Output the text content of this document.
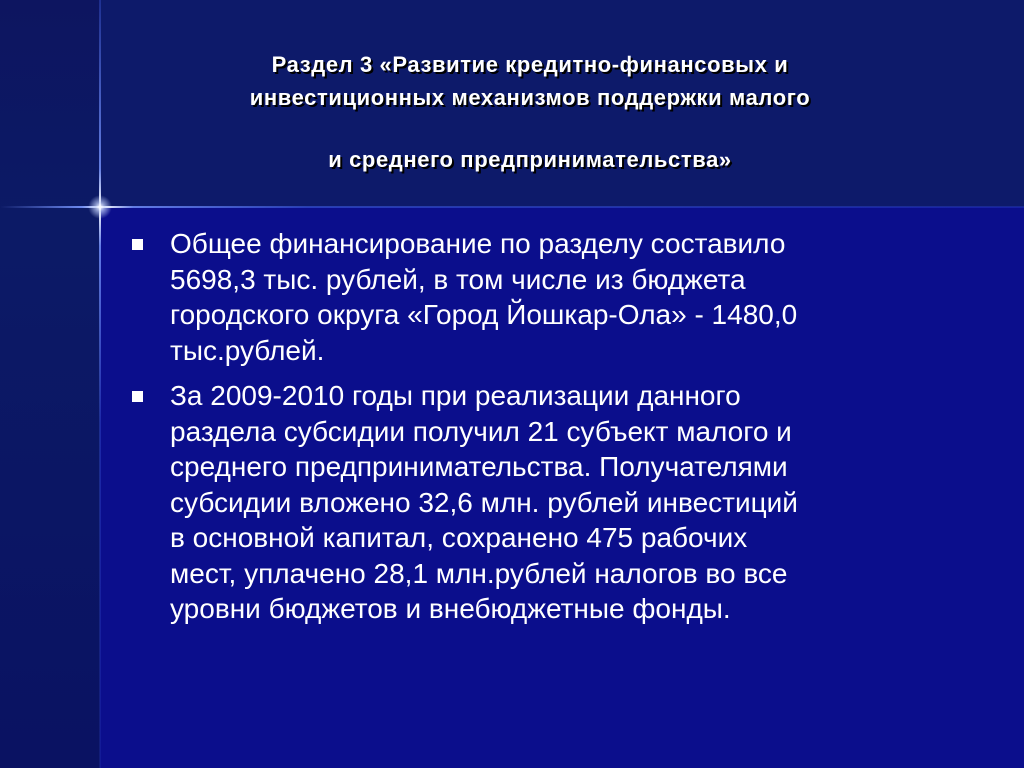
Раздел 3 «Развитие кредитно-финансовых и
инвестиционных механизмов поддержки малого
и среднего предпринимательства»
Общее финансирование по разделу составило
5698,3 тыс. рублей, в том числе из бюджета
городского округа «Город Йошкар-Ола» - 1480,0
тыс.рублей.
За 2009-2010 годы при реализации данного
раздела субсидии получил 21 субъект малого и
среднего предпринимательства. Получателями
субсидии вложено 32,6 млн. рублей инвестиций
в основной капитал, сохранено 475 рабочих
мест, уплачено 28,1 млн.рублей налогов во все
уровни бюджетов и внебюджетные фонды.
